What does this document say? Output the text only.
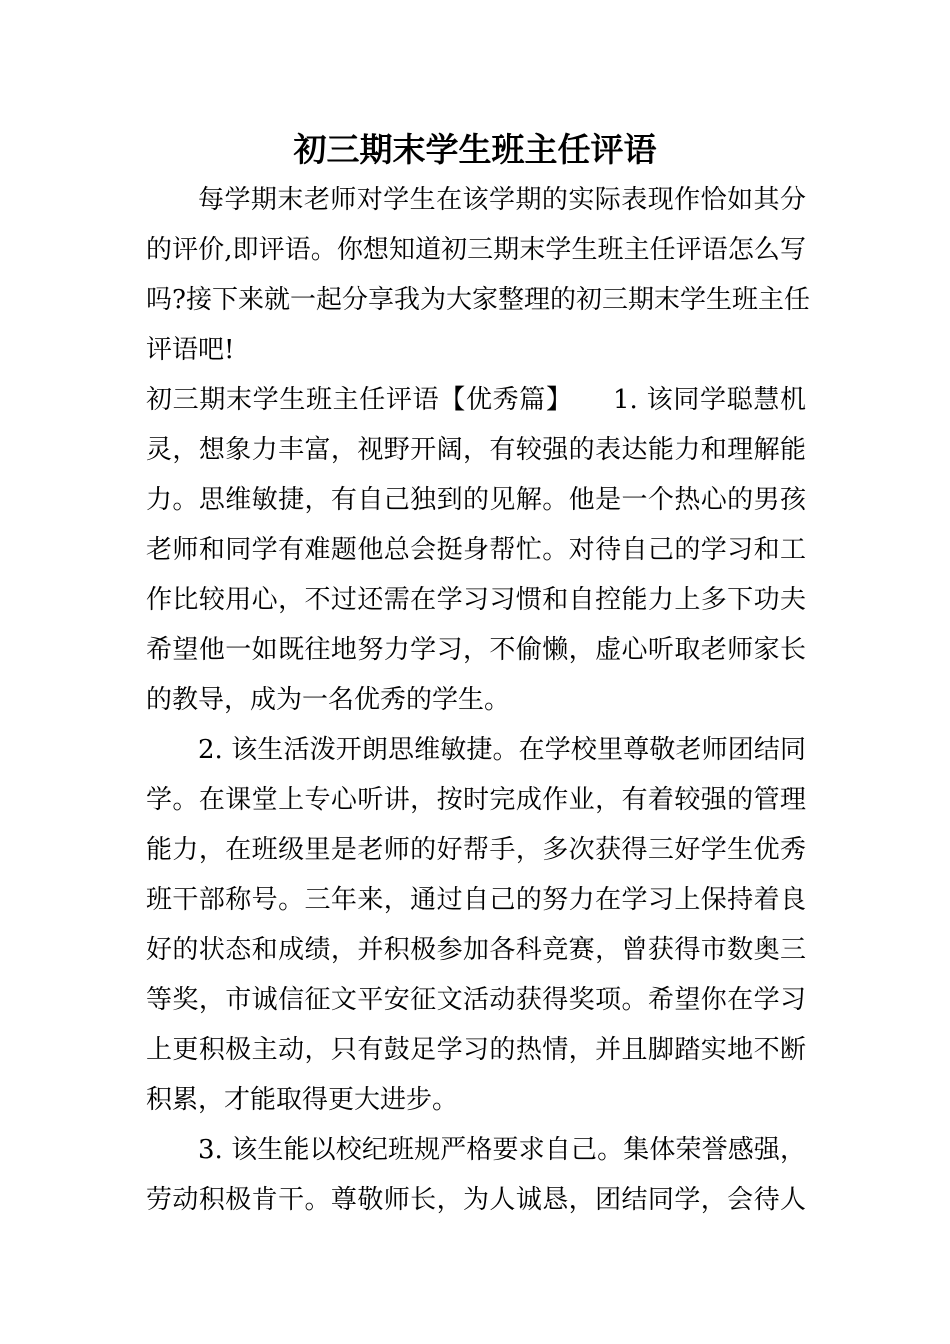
初三期末学生班主任评语
每学期末老师对学生在该学期的实际表现作恰如其分
的评价,即评语。你想知道初三期末学生班主任评语怎么写
吗?接下来就一起分享我为大家整理的初三期末学生班主任
评语吧!
初三期末学生班主任评语【优秀篇】　　1. 该同学聪慧机
灵，想象力丰富，视野开阔，有较强的表达能力和理解能
力。思维敏捷，有自己独到的见解。他是一个热心的男孩
老师和同学有难题他总会挺身帮忙。对待自己的学习和工
作比较用心，不过还需在学习习惯和自控能力上多下功夫
希望他一如既往地努力学习，不偷懒，虚心听取老师家长
的教导，成为一名优秀的学生。
2. 该生活泼开朗思维敏捷。在学校里尊敬老师团结同
学。在课堂上专心听讲，按时完成作业，有着较强的管理
能力，在班级里是老师的好帮手，多次获得三好学生优秀
班干部称号。三年来，通过自己的努力在学习上保持着良
好的状态和成绩，并积极参加各科竞赛，曾获得市数奥三
等奖，市诚信征文平安征文活动获得奖项。希望你在学习
上更积极主动，只有鼓足学习的热情，并且脚踏实地不断
积累，才能取得更大进步。
3. 该生能以校纪班规严格要求自己。集体荣誉感强，
劳动积极肯干。尊敬师长，为人诚恳，团结同学，会待人
